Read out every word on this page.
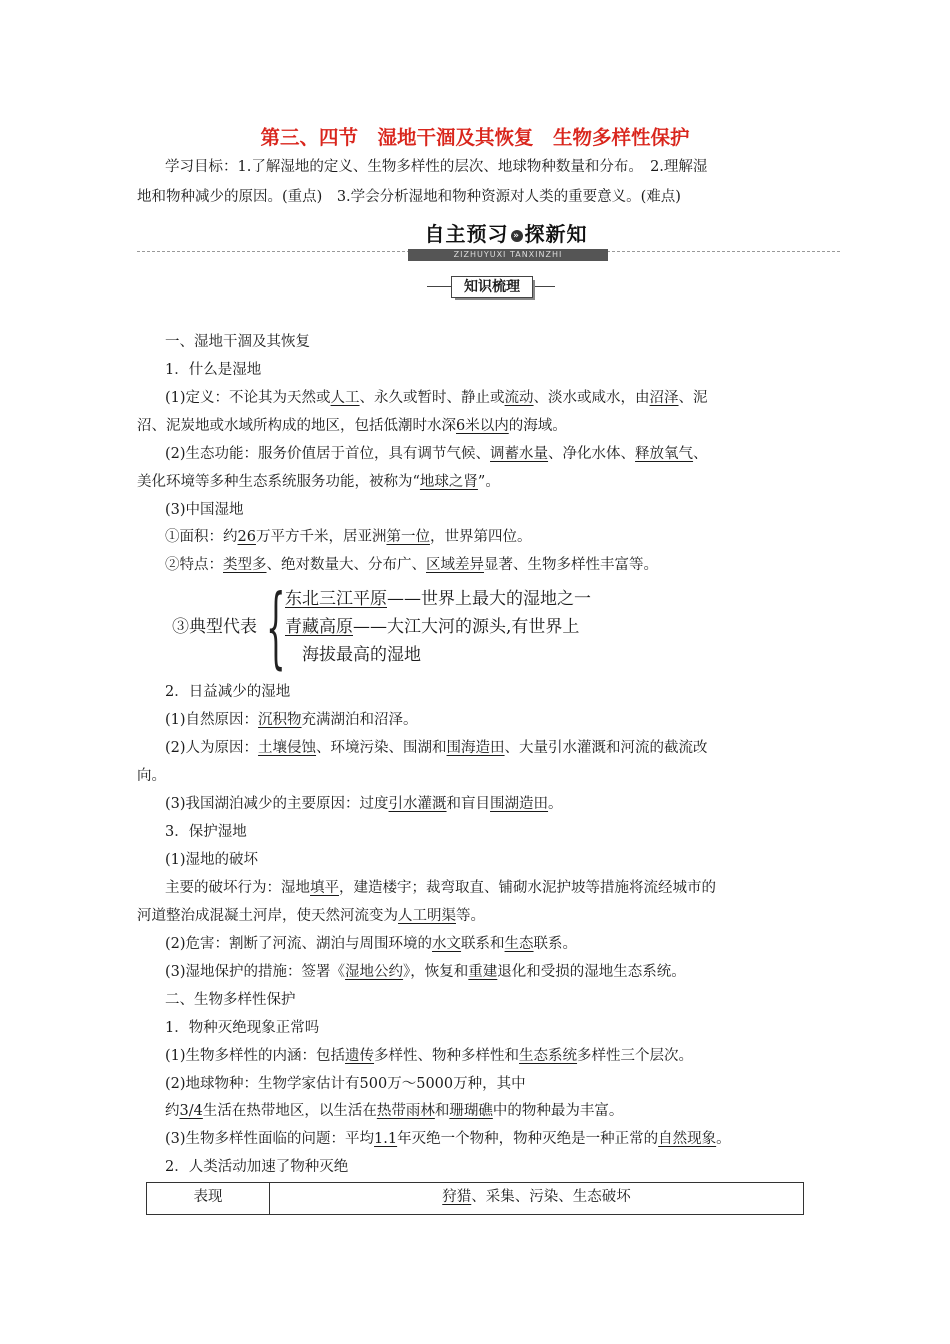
第三、四节　湿地干涸及其恢复　生物多样性保护
学习目标：1.了解湿地的定义、生物多样性的层次、地球物种数量和分布。　2.理解湿
地和物种减少的原因。(重点)　3.学会分析湿地和物种资源对人类的重要意义。(难点)
自主预习 » 探新知
ZIZHUYUXI TANXINZHI
知识梳理
一、湿地干涸及其恢复
1．什么是湿地
(1)定义：不论其为天然或人工、永久或暂时、静止或流动、淡水或咸水，由沼泽、泥
沼、泥炭地或水域所构成的地区，包括低潮时水深6米以内的海域。
(2)生态功能：服务价值居于首位，具有调节气候、调蓄水量、净化水体、释放氧气、
美化环境等多种生态系统服务功能，被称为“地球之肾”。
(3)中国湿地
①面积：约26万平方千米，居亚洲第一位，世界第四位。
②特点：类型多、绝对数量大、分布广、区域差异显著、生物多样性丰富等。
③典型代表 { 东北三江平原——世界上最大的湿地之一
青藏高原——大江大河的源头,有世界上
海拔最高的湿地
2．日益减少的湿地
(1)自然原因：沉积物充满湖泊和沼泽。
(2)人为原因：土壤侵蚀、环境污染、围湖和围海造田、大量引水灌溉和河流的截流改
向。
(3)我国湖泊减少的主要原因：过度引水灌溉和盲目围湖造田。
3．保护湿地
(1)湿地的破坏
主要的破坏行为：湿地填平，建造楼宇；裁弯取直、铺砌水泥护坡等措施将流经城市的
河道整治成混凝土河岸，使天然河流变为人工明渠等。
(2)危害：割断了河流、湖泊与周围环境的水文联系和生态联系。
(3)湿地保护的措施：签署《湿地公约》，恢复和重建退化和受损的湿地生态系统。
二、生物多样性保护
1．物种灭绝现象正常吗
(1)生物多样性的内涵：包括遗传多样性、物种多样性和生态系统多样性三个层次。
(2)地球物种：生物学家估计有500万～5000万种，其中
约3/4生活在热带地区，以生活在热带雨林和珊瑚礁中的物种最为丰富。
(3)生物多样性面临的问题：平均1.1年灭绝一个物种，物种灭绝是一种正常的自然现象。
2．人类活动加速了物种灭绝
表现	狩猎、采集、污染、生态破坏
